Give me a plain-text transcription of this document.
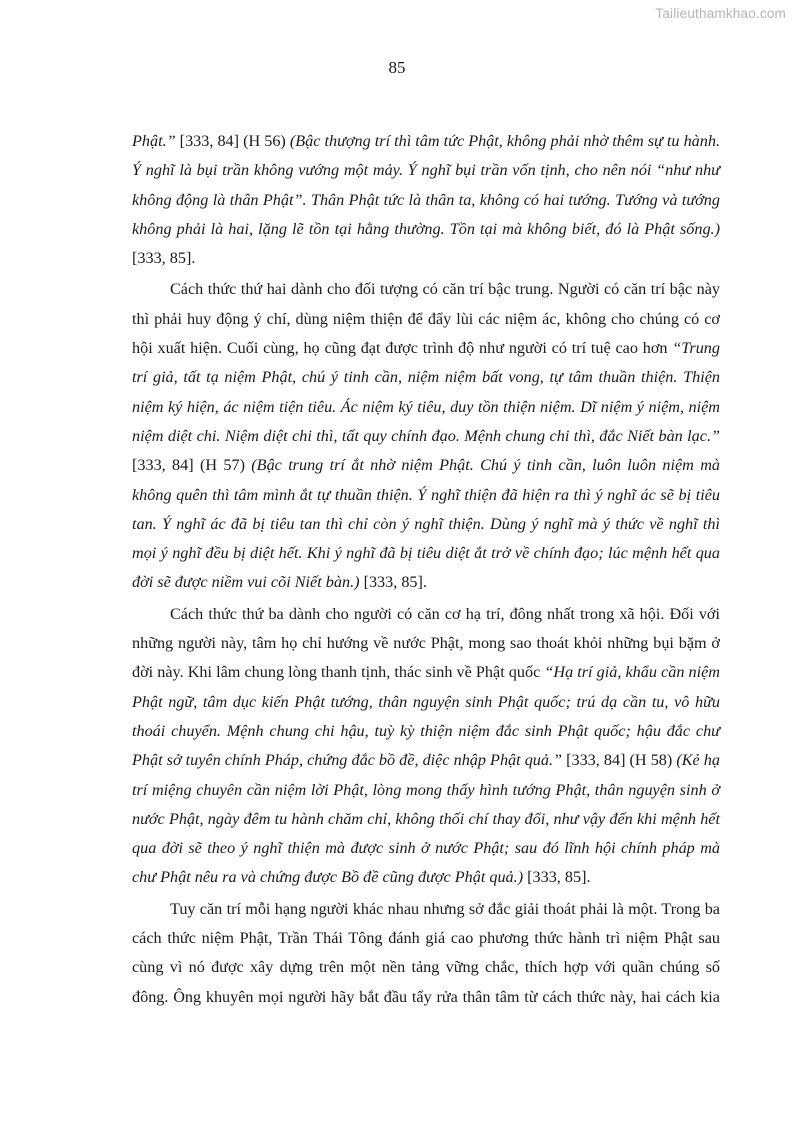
Tailieuthamkhao.com
85

Phật.” [333, 84] (H 56) (Bậc thượng trí thì tâm tức Phật, không phải nhờ thêm sự tu hành. Ý nghĩ là bụi trần không vướng một mảy. Ý nghĩ bụi trần vốn tịnh, cho nên nói “như như không động là thân Phật”. Thân Phật tức là thân ta, không có hai tướng. Tướng và tướng không phải là hai, lặng lẽ tồn tại hằng thường. Tồn tại mà không biết, đó là Phật sống.) [333, 85].

Cách thức thứ hai dành cho đối tượng có căn trí bậc trung. Người có căn trí bậc này thì phải huy động ý chí, dùng niệm thiện để đẩy lùi các niệm ác, không cho chúng có cơ hội xuất hiện. Cuối cùng, họ cũng đạt được trình độ như người có trí tuệ cao hơn “Trung trí giả, tất tạ niệm Phật, chú ý tinh cần, niệm niệm bất vong, tự tâm thuần thiện. Thiện niệm ký hiện, ác niệm tiện tiêu. Ác niệm ký tiêu, duy tồn thiện niệm. Dĩ niệm ý niệm, niệm niệm diệt chi. Niệm diệt chi thì, tất quy chính đạo. Mệnh chung chi thì, đắc Niết bàn lạc.” [333, 84] (H 57) (Bậc trung trí ắt nhờ niệm Phật. Chú ý tinh cần, luôn luôn niệm mà không quên thì tâm mình ắt tự thuần thiện. Ý nghĩ thiện đã hiện ra thì ý nghĩ ác sẽ bị tiêu tan. Ý nghĩ ác đã bị tiêu tan thì chỉ còn ý nghĩ thiện. Dùng ý nghĩ mà ý thức về nghĩ thì mọi ý nghĩ đều bị diệt hết. Khi ý nghĩ đã bị tiêu diệt ắt trở về chính đạo; lúc mệnh hết qua đời sẽ được niềm vui cõi Niết bàn.) [333, 85].

Cách thức thứ ba dành cho người có căn cơ hạ trí, đông nhất trong xã hội. Đối với những người này, tâm họ chỉ hướng về nước Phật, mong sao thoát khỏi những bụi bặm ở đời này. Khi lâm chung lòng thanh tịnh, thác sinh về Phật quốc “Hạ trí giả, khẩu cần niệm Phật ngữ, tâm dục kiến Phật tướng, thân nguyện sinh Phật quốc; trú dạ cần tu, vô hữu thoái chuyển. Mệnh chung chi hậu, tuỳ kỳ thiện niệm đắc sinh Phật quốc; hậu đắc chư Phật sở tuyên chính Pháp, chứng đắc bồ đề, diệc nhập Phật quả.” [333, 84] (H 58) (Kẻ hạ trí miệng chuyên cần niệm lời Phật, lòng mong thấy hình tướng Phật, thân nguyện sinh ở nước Phật, ngày đêm tu hành chăm chỉ, không thối chí thay đổi, như vậy đến khi mệnh hết qua đời sẽ theo ý nghĩ thiện mà được sinh ở nước Phật; sau đó lĩnh hội chính pháp mà chư Phật nêu ra và chứng được Bồ đề cũng được Phật quả.) [333, 85].

Tuy căn trí mỗi hạng người khác nhau nhưng sở đắc giải thoát phải là một. Trong ba cách thức niệm Phật, Trần Thái Tông đánh giá cao phương thức hành trì niệm Phật sau cùng vì nó được xây dựng trên một nền tảng vững chắc, thích hợp với quần chúng số đông. Ông khuyên mọi người hãy bắt đầu tẩy rửa thân tâm từ cách thức này, hai cách kia
